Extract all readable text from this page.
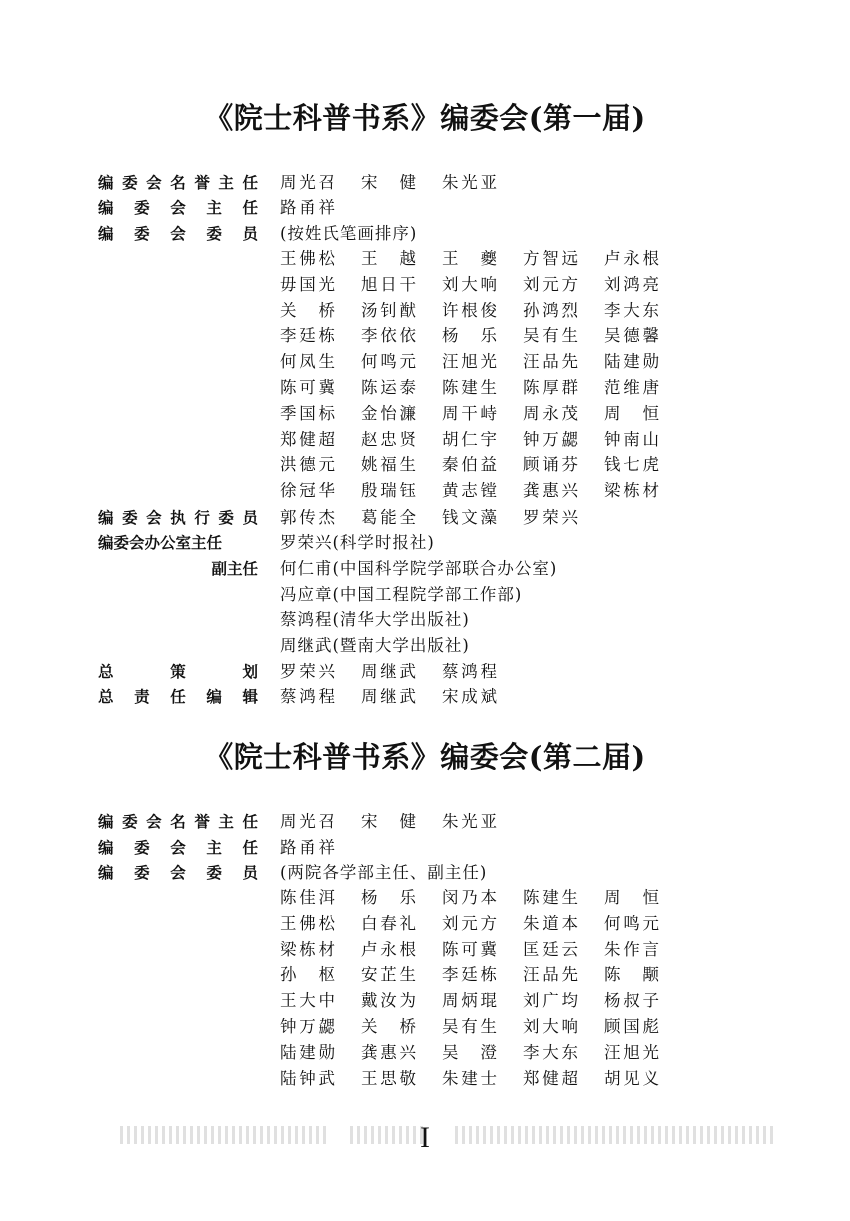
《院士科普书系》编委会(第一届)
编委会名誉主任 周光召	宋　健	朱光亚
编委会主任 路甬祥
编委会委员 (按姓氏笔画排序)
王佛松	王　越	王　夔	方智远	卢永根
毋国光	旭日干	刘大响	刘元方	刘鸿亮
关　桥	汤钊猷	许根俊	孙鸿烈	李大东
李廷栋	李依依	杨　乐	吴有生	吴德馨
何凤生	何鸣元	汪旭光	汪品先	陆建勋
陈可冀	陈运泰	陈建生	陈厚群	范维唐
季国标	金怡濂	周干峙	周永茂	周　恒
郑健超	赵忠贤	胡仁宇	钟万勰	钟南山
洪德元	姚福生	秦伯益	顾诵芬	钱七虎
徐冠华	殷瑞钰	黄志镗	龚惠兴	梁栋材
编委会执行委员 郭传杰	葛能全	钱文藻	罗荣兴
编委会办公室主任	罗荣兴(科学时报社)
副主任 何仁甫(中国科学院学部联合办公室)
冯应章(中国工程院学部工作部)
蔡鸿程(清华大学出版社)
周继武(暨南大学出版社)
总策划 罗荣兴	周继武	蔡鸿程
总责任编辑 蔡鸿程	周继武	宋成斌
《院士科普书系》编委会(第二届)
编委会名誉主任 周光召	宋　健	朱光亚
编委会主任 路甬祥
编委会委员 (两院各学部主任、副主任)
陈佳洱	杨　乐	闵乃本	陈建生	周　恒
王佛松	白春礼	刘元方	朱道本	何鸣元
梁栋材	卢永根	陈可冀	匡廷云	朱作言
孙　枢	安芷生	李廷栋	汪品先	陈　颙
王大中	戴汝为	周炳琨	刘广均	杨叔子
钟万勰	关　桥	吴有生	刘大响	顾国彪
陆建勋	龚惠兴	吴　澄	李大东	汪旭光
陆钟武	王思敬	朱建士	郑健超	胡见义
I
